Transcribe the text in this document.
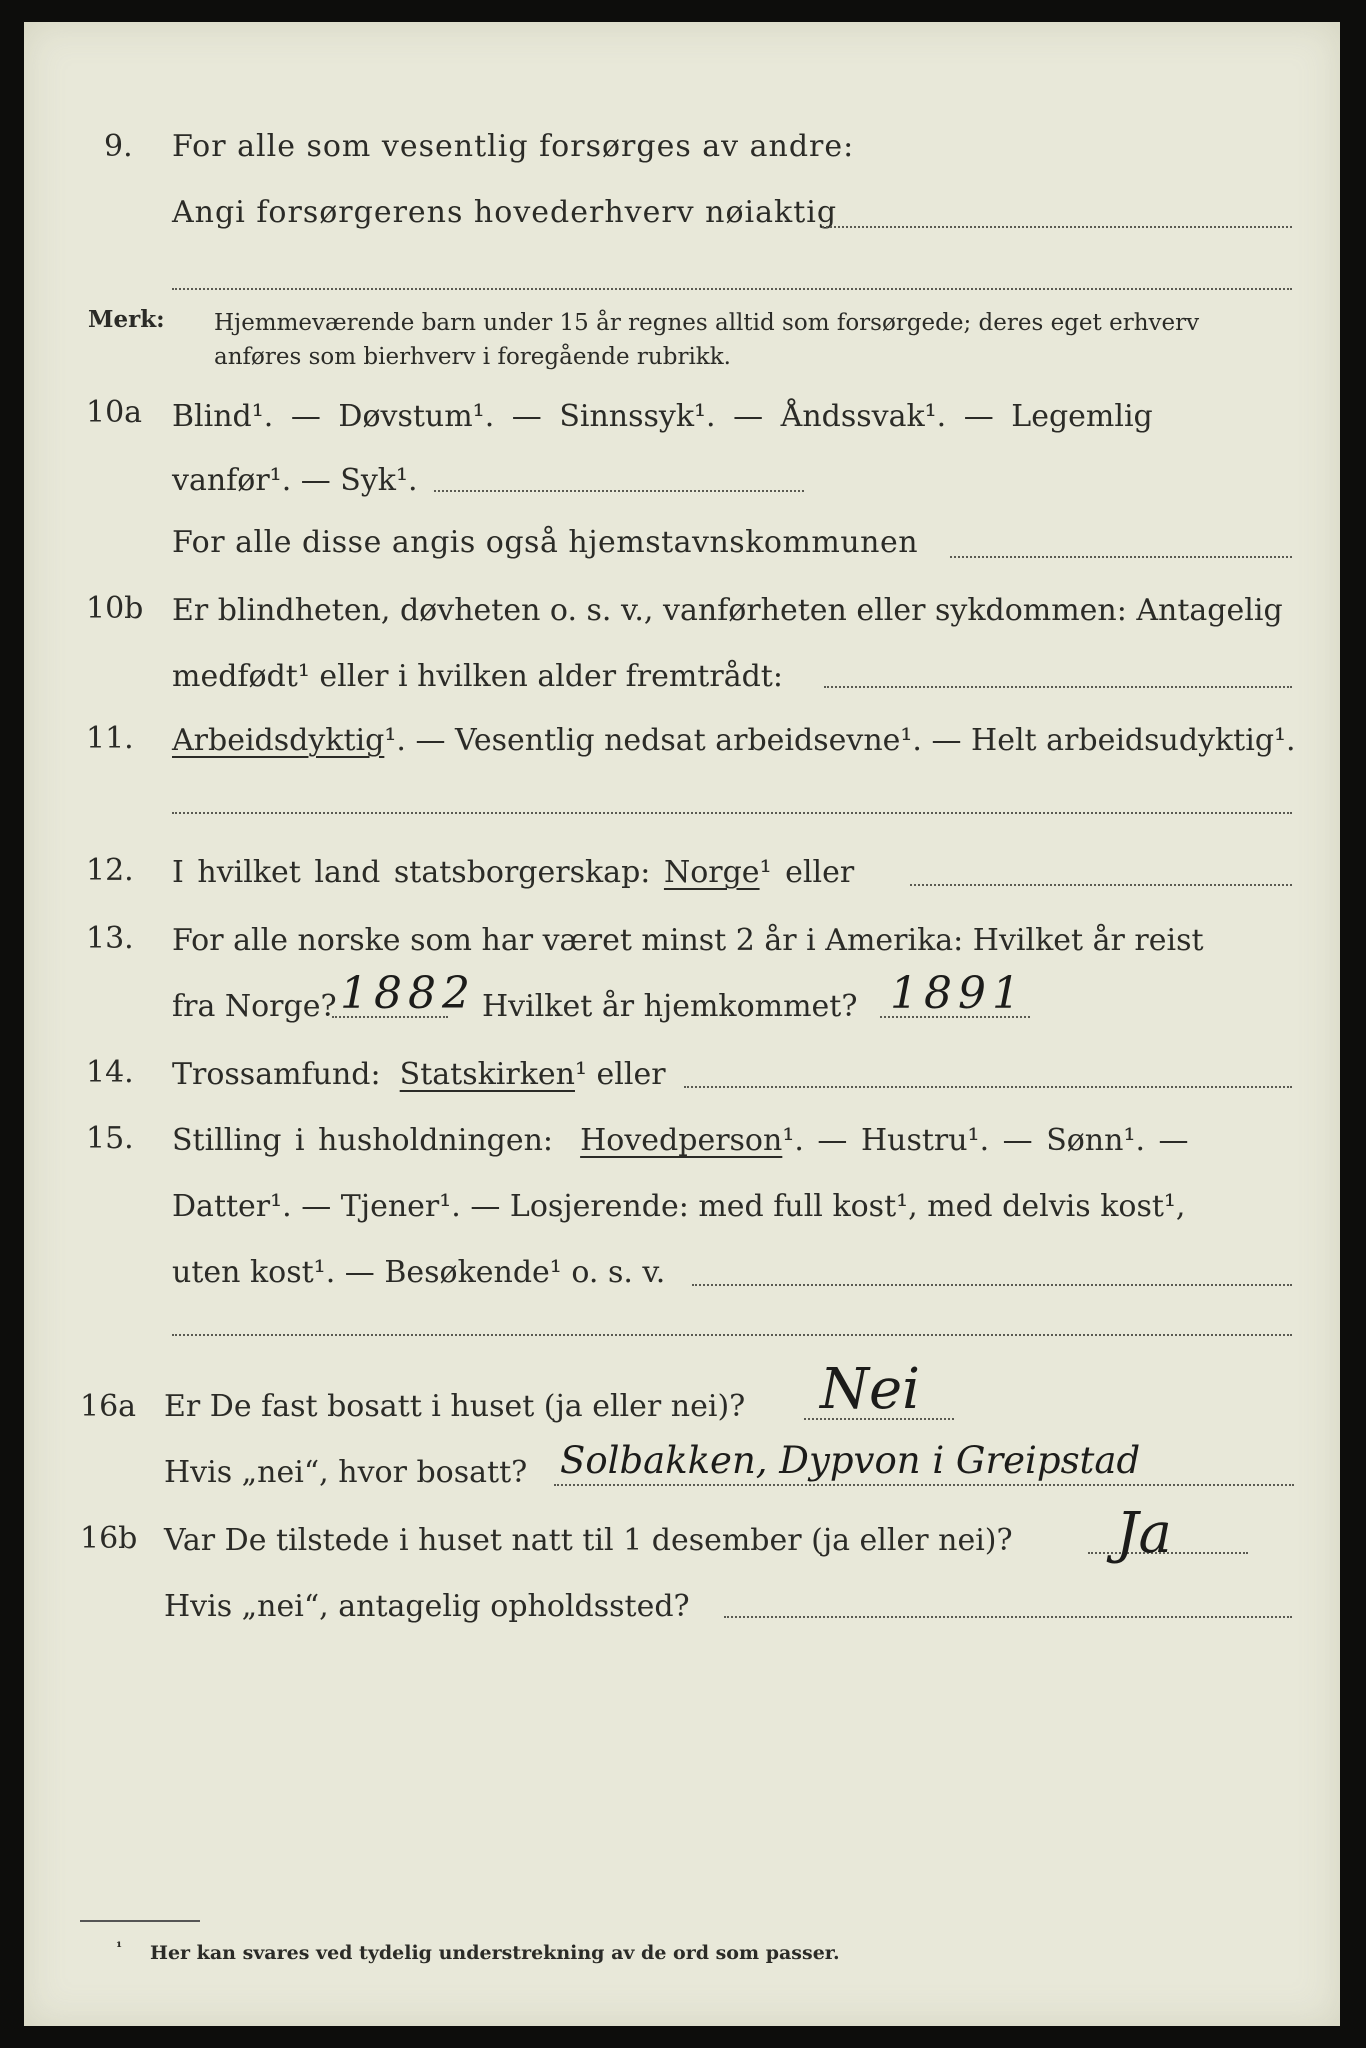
9. For alle som vesentlig forsørges av andre:
Angi forsørgerens hovederhverv nøiaktig
Merk: Hjemmeværende barn under 15 år regnes alltid som forsørgede; deres eget erhverv
anføres som bierhverv i foregående rubrikk.
10a Blind¹. — Døvstum¹. — Sinnssyk¹. — Åndssvak¹. — Legemlig
vanfør¹. — Syk¹.
For alle disse angis også hjemstavnskommunen
10b Er blindheten, døvheten o. s. v., vanførheten eller sykdommen: Antagelig
medfødt¹ eller i hvilken alder fremtrådt:
11. Arbeidsdyktig¹. — Vesentlig nedsat arbeidsevne¹. — Helt arbeidsudyktig¹.
12. I hvilket land statsborgerskap: Norge¹ eller
13. For alle norske som har været minst 2 år i Amerika: Hvilket år reist
fra Norge? 1882 Hvilket år hjemkommet? 1891
14. Trossamfund: Statskirken¹ eller
15. Stilling i husholdningen: Hovedperson¹. — Hustru¹. — Sønn¹. —
Datter¹. — Tjener¹. — Losjerende: med full kost¹, med delvis kost¹,
uten kost¹. — Besøkende¹ o. s. v.
16a Er De fast bosatt i huset (ja eller nei)? Nei
Hvis „nei“, hvor bosatt? Solbakken, Dypvon i Greipstad
16b Var De tilstede i huset natt til 1 desember (ja eller nei)? Ja
Hvis „nei“, antagelig opholdssted?
¹ Her kan svares ved tydelig understrekning av de ord som passer.
